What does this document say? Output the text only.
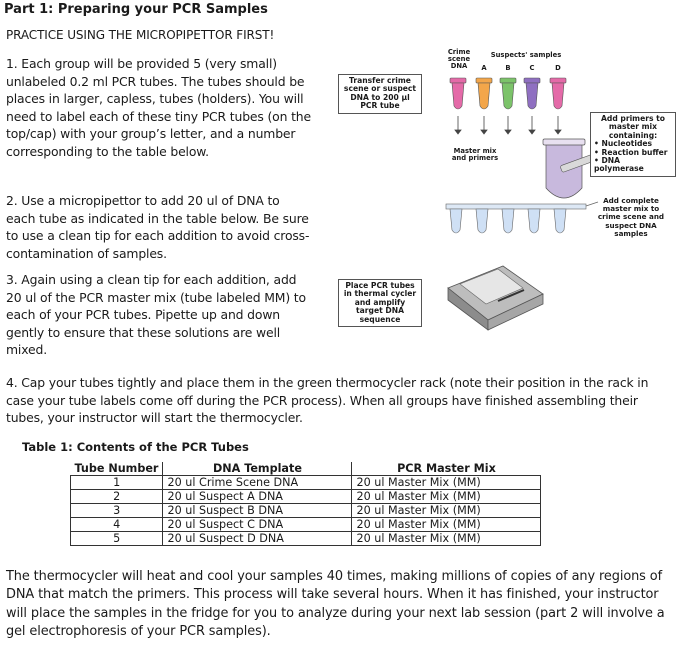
Part 1: Preparing your PCR Samples
PRACTICE USING THE MICROPIPETTOR FIRST!
1. Each group will be provided 5 (very small) unlabeled 0.2 ml PCR tubes. The tubes should be places in larger, capless, tubes (holders). You will need to label each of these tiny PCR tubes (on the top/cap) with your group’s letter, and a number corresponding to the table below.
2. Use a micropipettor to add 20 ul of DNA to each tube as indicated in the table below. Be sure to use a clean tip for each addition to avoid cross-contamination of samples.
3. Again using a clean tip for each addition, add 20 ul of the PCR master mix (tube labeled MM) to each of your PCR tubes. Pipette up and down gently to ensure that these solutions are well mixed.
4. Cap your tubes tightly and place them in the green thermocycler rack (note their position in the rack in case your tube labels come off during the PCR process). When all groups have finished assembling their tubes, your instructor will start the thermocycler.
Crime scene DNA
Suspects' samples
A	B	C	D
Transfer crime scene or suspect DNA to 200 µl PCR tube
Master mix and primers
Add primers to master mix containing:
• Nucleotides
• Reaction buffer
• DNA polymerase
Add complete master mix to crime scene and suspect DNA samples
Place PCR tubes in thermal cycler and amplify target DNA sequence
Table 1: Contents of the PCR Tubes
Tube Number	DNA Template	PCR Master Mix
1	20 ul Crime Scene DNA	20 ul Master Mix (MM)
2	20 ul Suspect A DNA	20 ul Master Mix (MM)
3	20 ul Suspect B DNA	20 ul Master Mix (MM)
4	20 ul Suspect C DNA	20 ul Master Mix (MM)
5	20 ul Suspect D DNA	20 ul Master Mix (MM)
The thermocycler will heat and cool your samples 40 times, making millions of copies of any regions of DNA that match the primers. This process will take several hours. When it has finished, your instructor will place the samples in the fridge for you to analyze during your next lab session (part 2 will involve a gel electrophoresis of your PCR samples).
